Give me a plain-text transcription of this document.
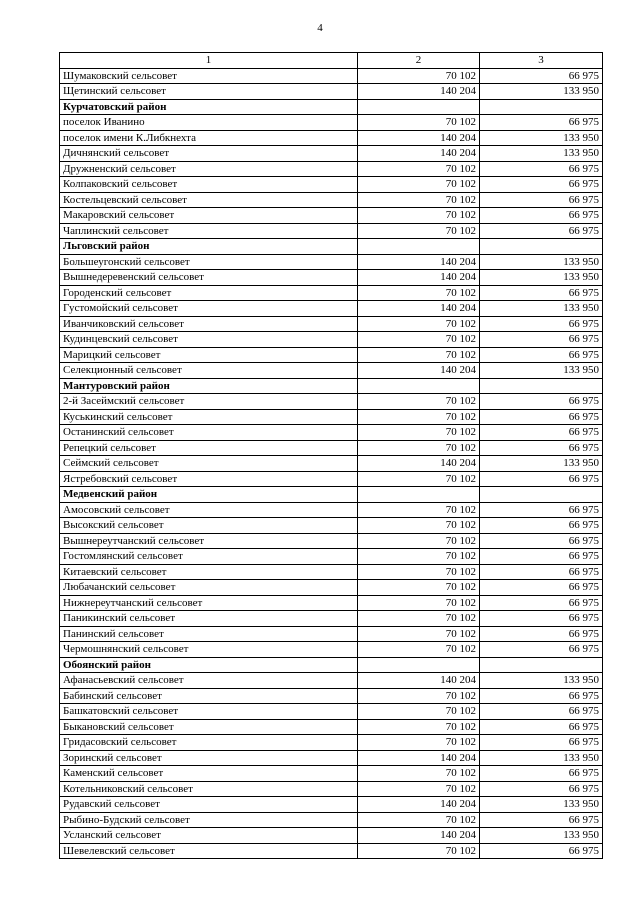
4
1	2	3
Шумаковский сельсовет	70 102	66 975
Щетинский сельсовет	140 204	133 950
Курчатовский район		
поселок Иванино	70 102	66 975
поселок имени К.Либкнехта	140 204	133 950
Дичнянский сельсовет	140 204	133 950
Дружненский сельсовет	70 102	66 975
Колпаковский сельсовет	70 102	66 975
Костельцевский сельсовет	70 102	66 975
Макаровский сельсовет	70 102	66 975
Чаплинский сельсовет	70 102	66 975
Льговский район		
Большеугонский сельсовет	140 204	133 950
Вышнедеревенский сельсовет	140 204	133 950
Городенский сельсовет	70 102	66 975
Густомойский сельсовет	140 204	133 950
Иванчиковский сельсовет	70 102	66 975
Кудинцевский сельсовет	70 102	66 975
Марицкий сельсовет	70 102	66 975
Селекционный сельсовет	140 204	133 950
Мантуровский район		
2-й Засеймский сельсовет	70 102	66 975
Куськинский сельсовет	70 102	66 975
Останинский сельсовет	70 102	66 975
Репецкий сельсовет	70 102	66 975
Сеймский сельсовет	140 204	133 950
Ястребовский сельсовет	70 102	66 975
Медвенский район		
Амосовский сельсовет	70 102	66 975
Высокский сельсовет	70 102	66 975
Вышнереутчанский сельсовет	70 102	66 975
Гостомлянский сельсовет	70 102	66 975
Китаевский сельсовет	70 102	66 975
Любачанский сельсовет	70 102	66 975
Нижнереутчанский сельсовет	70 102	66 975
Паникинский сельсовет	70 102	66 975
Панинский сельсовет	70 102	66 975
Чермошнянский сельсовет	70 102	66 975
Обоянский район		
Афанасьевский сельсовет	140 204	133 950
Бабинский сельсовет	70 102	66 975
Башкатовский сельсовет	70 102	66 975
Быкановский сельсовет	70 102	66 975
Гридасовский сельсовет	70 102	66 975
Зоринский сельсовет	140 204	133 950
Каменский сельсовет	70 102	66 975
Котельниковский сельсовет	70 102	66 975
Рудавский сельсовет	140 204	133 950
Рыбино-Будский сельсовет	70 102	66 975
Усланский сельсовет	140 204	133 950
Шевелевский сельсовет	70 102	66 975
